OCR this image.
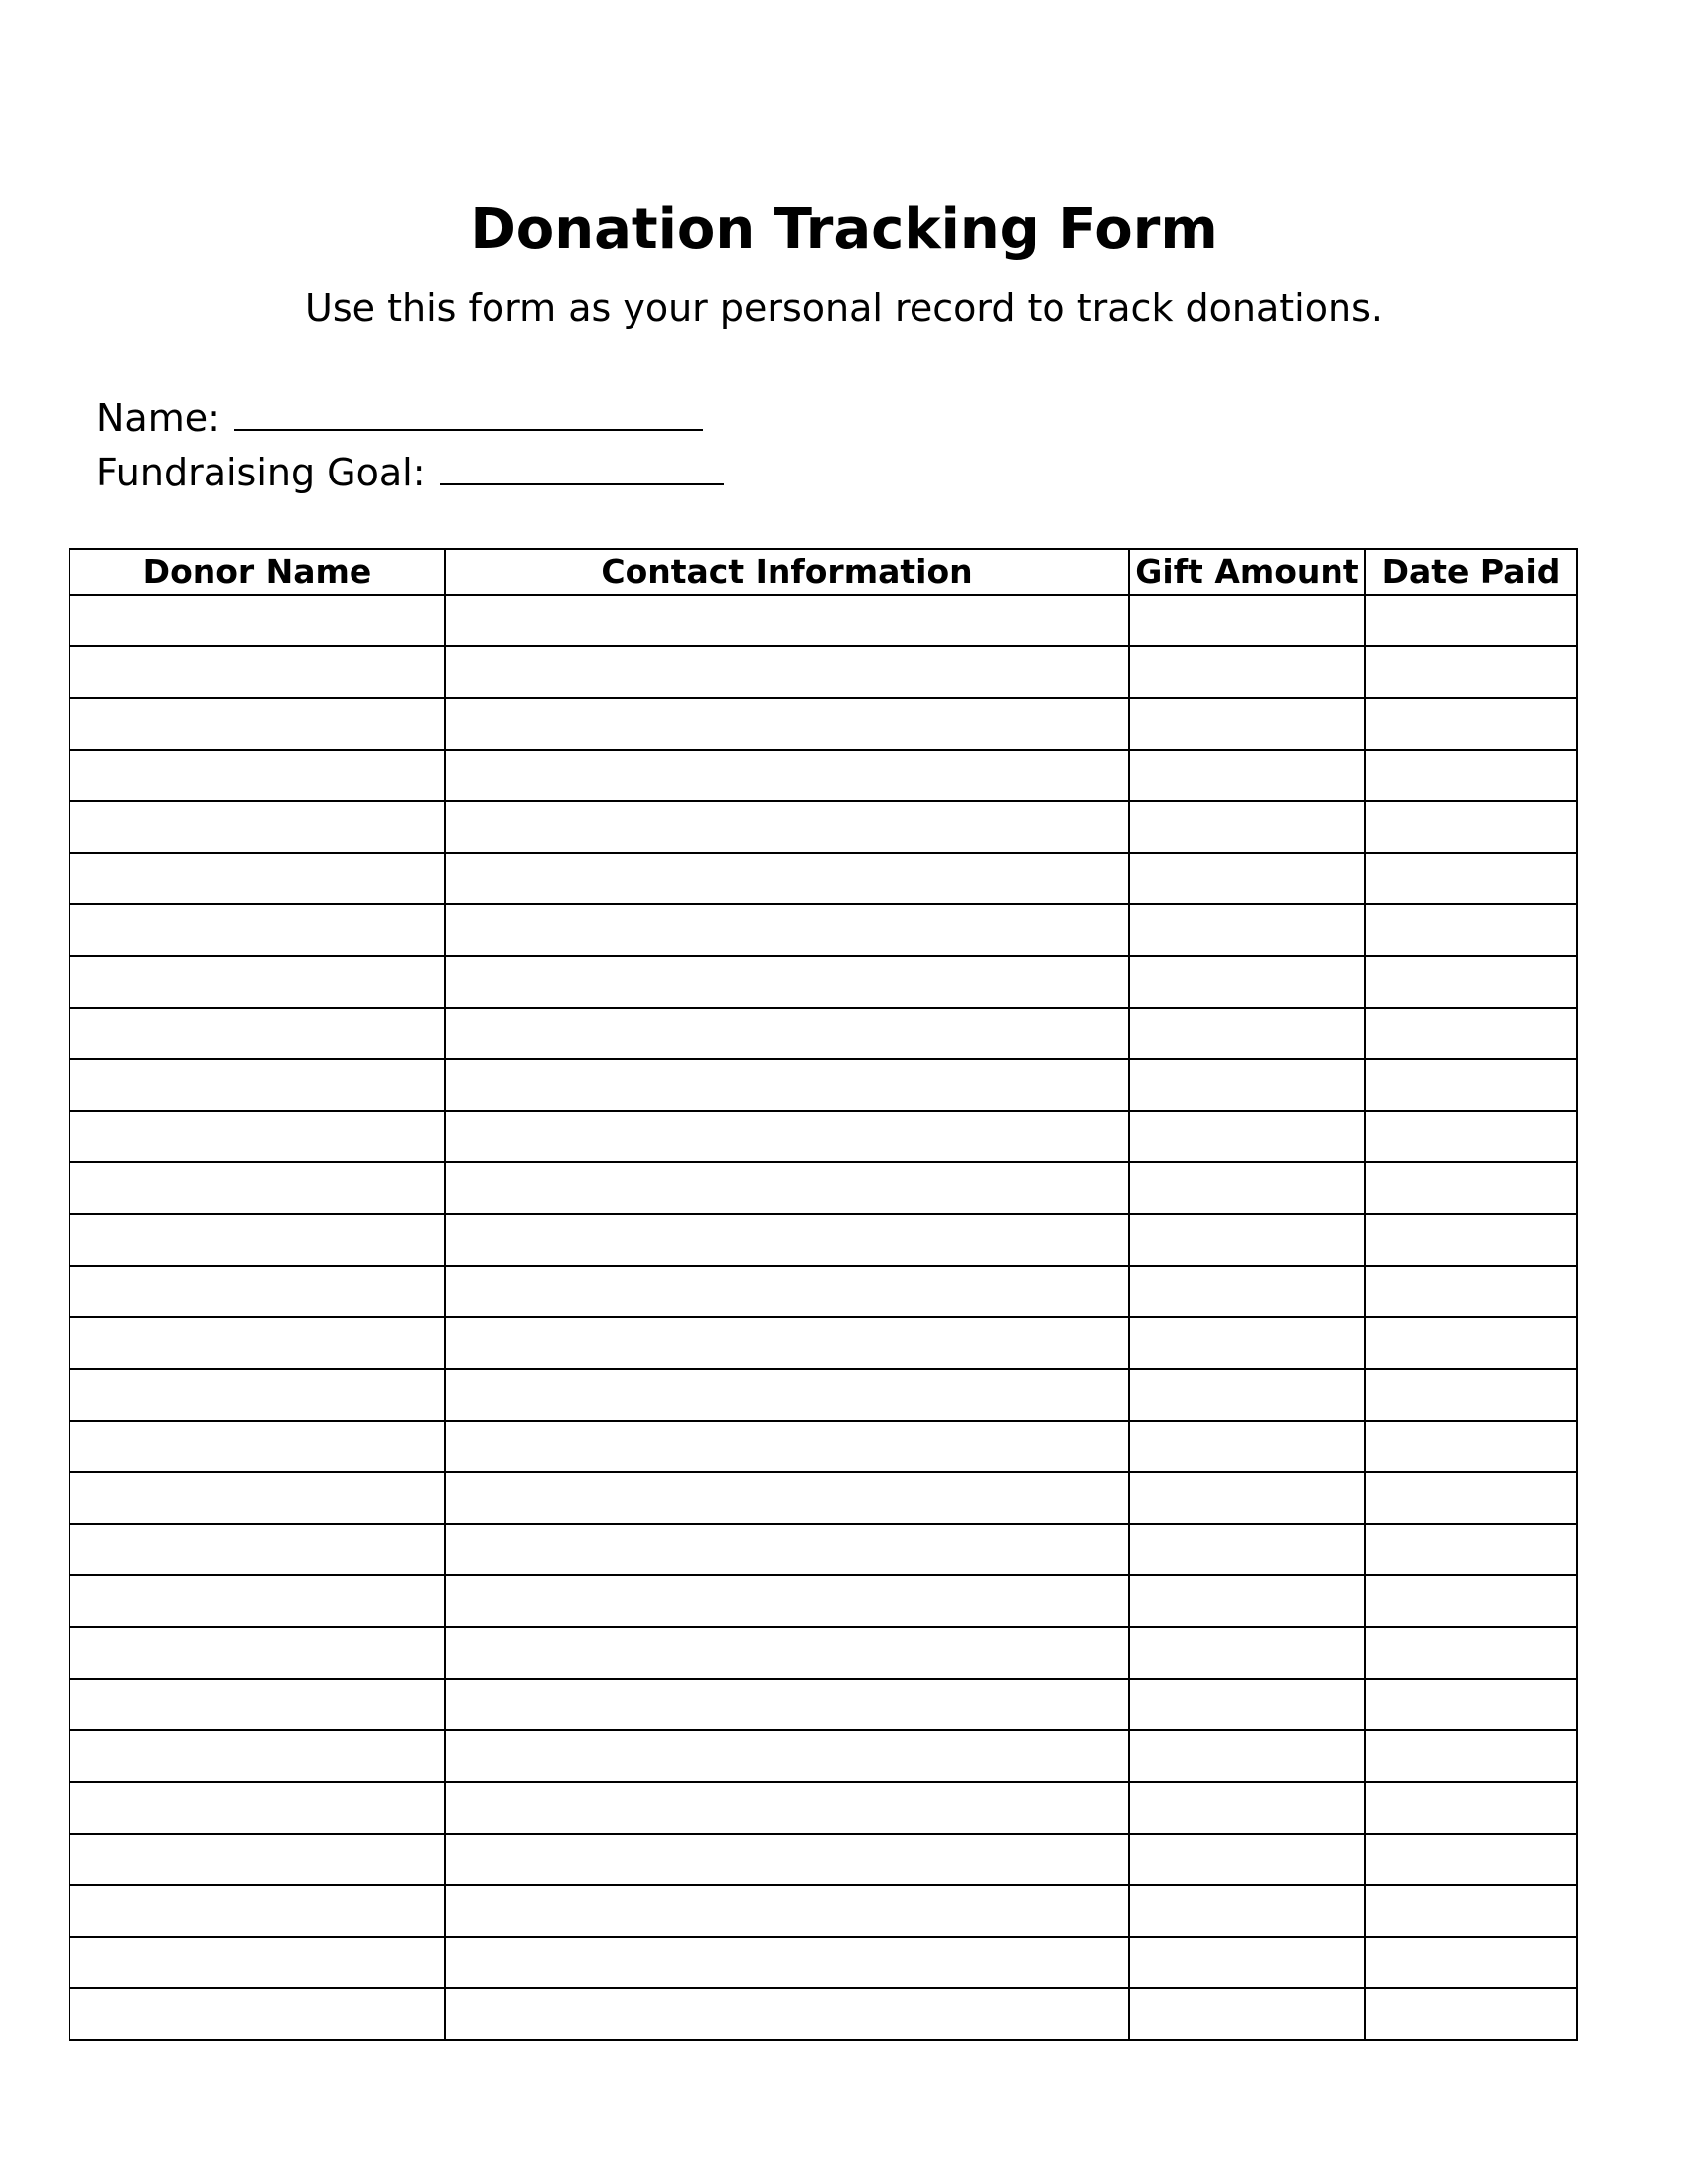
Donation Tracking Form
Use this form as your personal record to track donations.
Name:
Fundraising Goal:
Donor Name	Contact Information	Gift Amount	Date Paid
